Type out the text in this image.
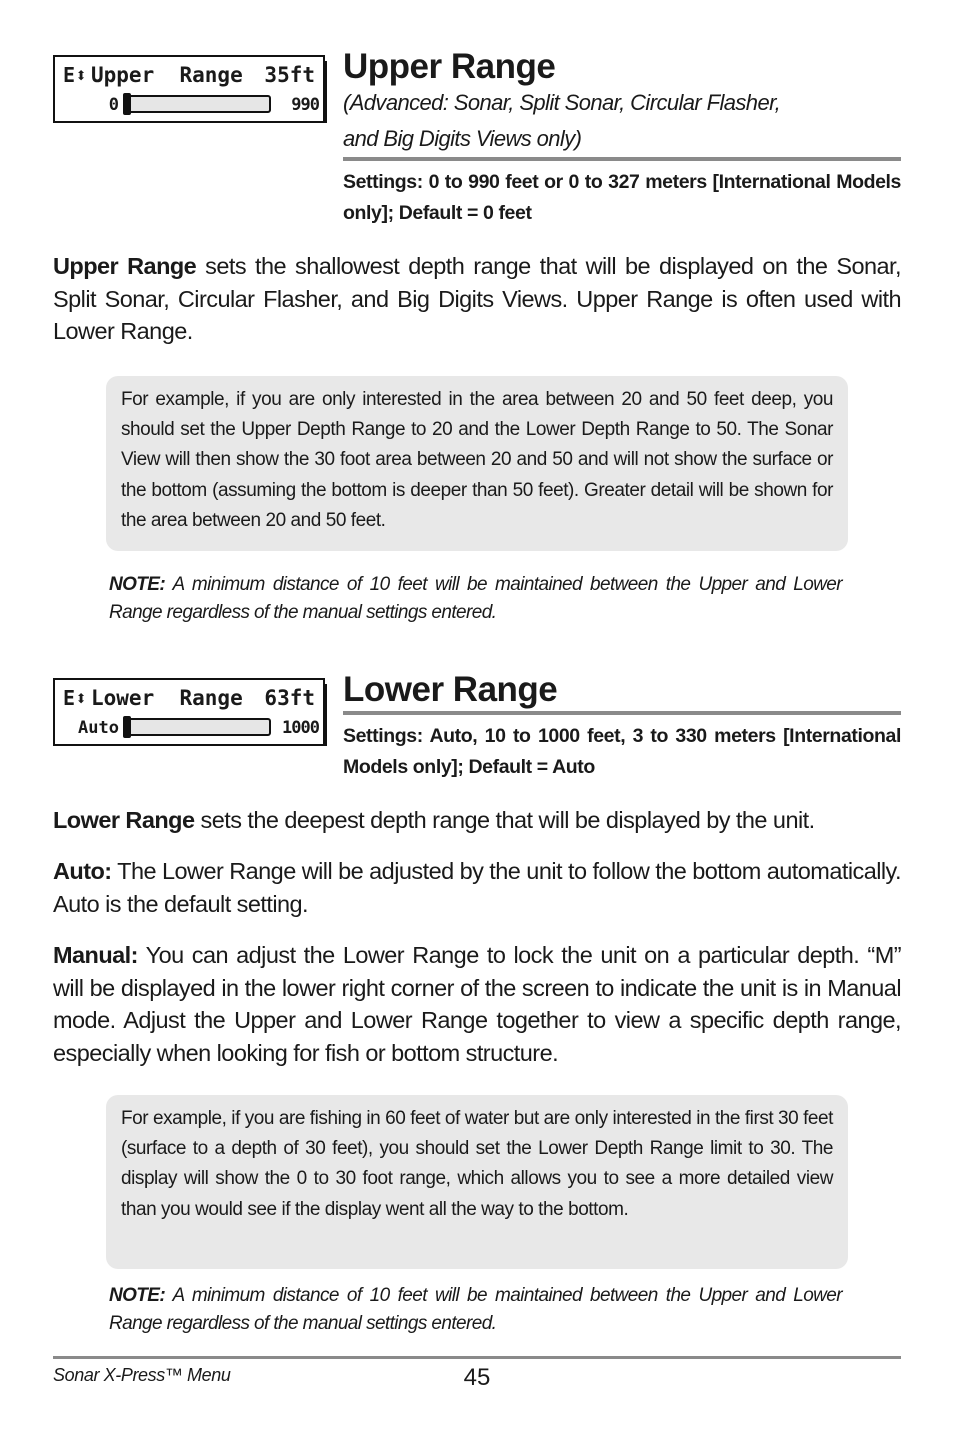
E⬍ Upper  Range 35ft
0	990
Upper Range
(Advanced: Sonar, Split Sonar, Circular Flasher,
and Big Digits Views only)
Settings: 0 to 990 feet or 0 to 327 meters [International Models only]; Default = 0 feet
Upper Range sets the shallowest depth range that will be displayed on the Sonar, Split Sonar, Circular Flasher, and Big Digits Views. Upper Range is often used with Lower Range.
For example, if you are only interested in the area between 20 and 50 feet deep, you should set the Upper Depth Range to 20 and the Lower Depth Range to 50. The Sonar View will then show the 30 foot area between 20 and 50 and will not show the surface or the bottom (assuming the bottom is deeper than 50 feet). Greater detail will be shown for the area between 20 and 50 feet.
NOTE: A minimum distance of 10 feet will be maintained between the Upper and Lower Range regardless of the manual settings entered.
E⬍ Lower  Range 63ft
Auto	1000
Lower Range
Settings: Auto, 10 to 1000 feet, 3 to 330 meters [International Models only]; Default = Auto
Lower Range sets the deepest depth range that will be displayed by the unit.
Auto: The Lower Range will be adjusted by the unit to follow the bottom automatically. Auto is the default setting.
Manual: You can adjust the Lower Range to lock the unit on a particular depth. “M” will be displayed in the lower right corner of the screen to indicate the unit is in Manual mode. Adjust the Upper and Lower Range together to view a specific depth range, especially when looking for fish or bottom structure.
For example, if you are fishing in 60 feet of water but are only interested in the first 30 feet (surface to a depth of 30 feet), you should set the Lower Depth Range limit to 30. The display will show the 0 to 30 foot range, which allows you to see a more detailed view than you would see if the display went all the way to the bottom.
NOTE: A minimum distance of 10 feet will be maintained between the Upper and Lower Range regardless of the manual settings entered.
Sonar X-Press™ Menu	45
